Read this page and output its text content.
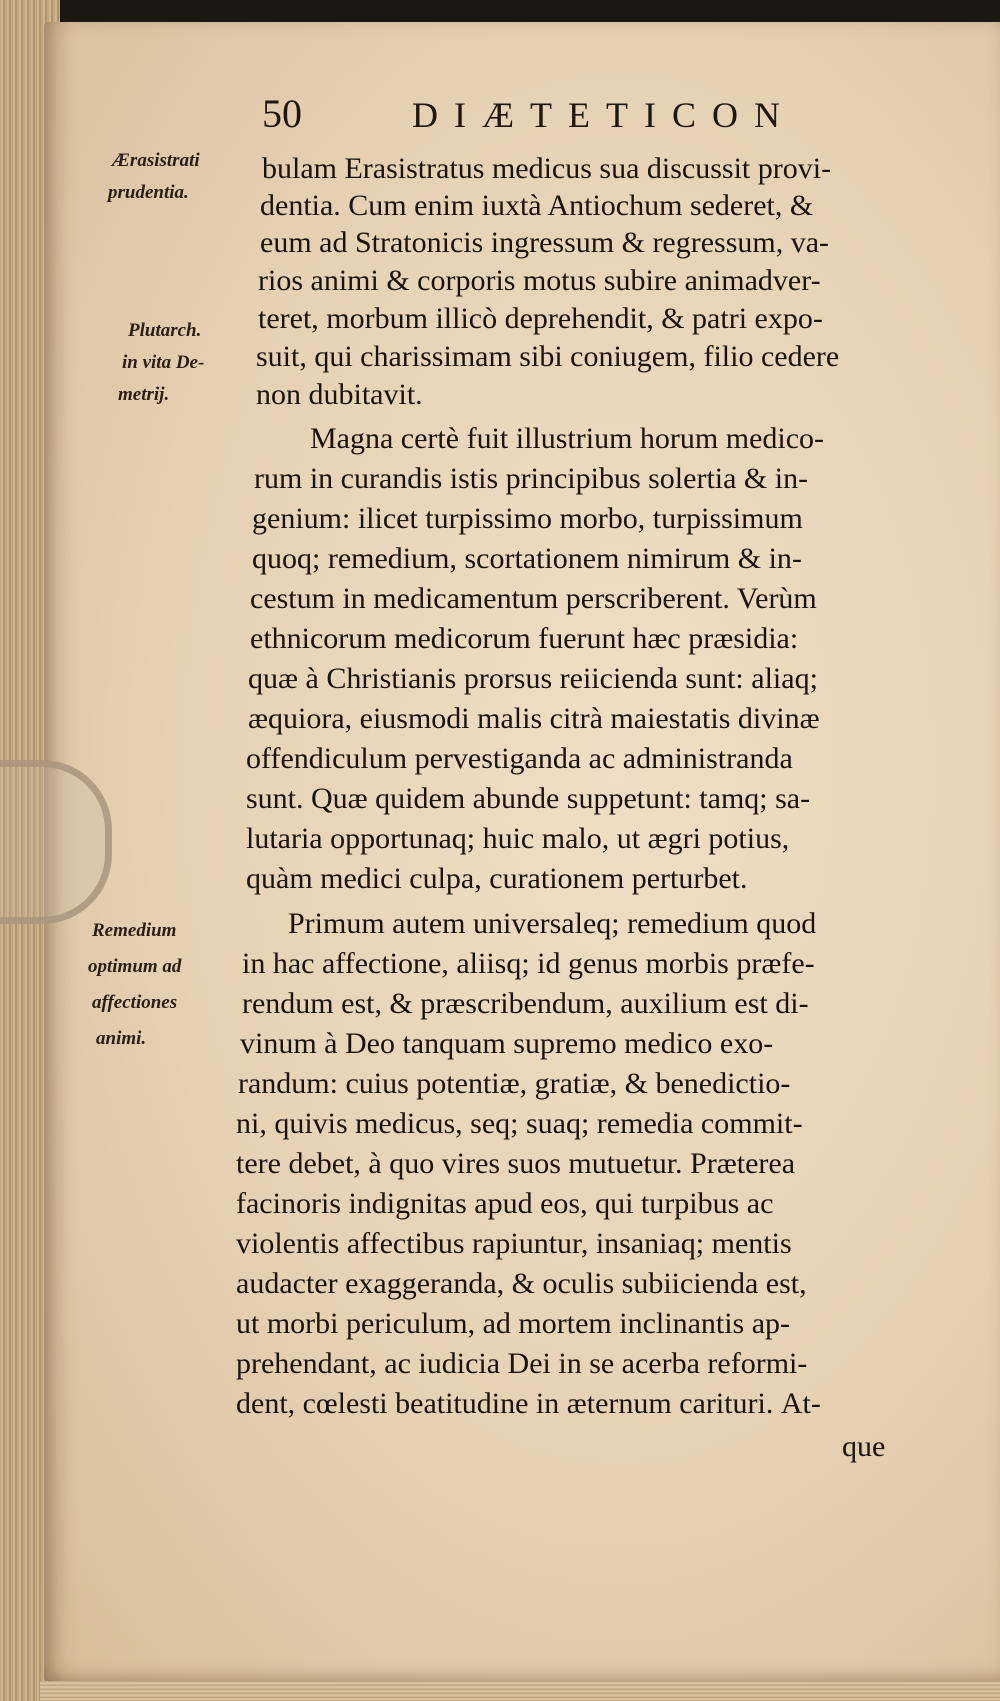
50	DIÆTETICON

Ærasistrati

prudentia.

Plutarch.

in vita De-

metrij.

Remedium

optimum ad

affectiones

animi.

bulam Erasistratus medicus sua discussit provi-

dentia. Cum enim iuxtà Antiochum sederet, &

eum ad Stratonicis ingressum & regressum, va-

rios animi & corporis motus subire animadver-

teret, morbum illicò deprehendit, & patri expo-

suit, qui charissimam sibi coniugem, filio cedere

non dubitavit.

Magna certè fuit illustrium horum medico-

rum in curandis istis principibus solertia & in-

genium: ilicet turpissimo morbo, turpissimum

quoq; remedium, scortationem nimirum & in-

cestum in medicamentum perscriberent. Verùm

ethnicorum medicorum fuerunt hæc præsidia:

quæ à Christianis prorsus reiicienda sunt: aliaq;

æquiora, eiusmodi malis citrà maiestatis divinæ

offendiculum pervestiganda ac administranda

sunt. Quæ quidem abunde suppetunt: tamq; sa-

lutaria opportunaq; huic malo, ut ægri potius,

quàm medici culpa, curationem perturbet.

Primum autem universaleq; remedium quod

in hac affectione, aliisq; id genus morbis præfe-

rendum est, & præscribendum, auxilium est di-

vinum à Deo tanquam supremo medico exo-

randum: cuius potentiæ, gratiæ, & benedictio-

ni, quivis medicus, seq; suaq; remedia commit-

tere debet, à quo vires suos mutuetur. Præterea

facinoris indignitas apud eos, qui turpibus ac

violentis affectibus rapiuntur, insaniaq; mentis

audacter exaggeranda, & oculis subiicienda est,

ut morbi periculum, ad mortem inclinantis ap-

prehendant, ac iudicia Dei in se acerba reformi-

dent, cœlesti beatitudine in æternum cariturі. At-

que
